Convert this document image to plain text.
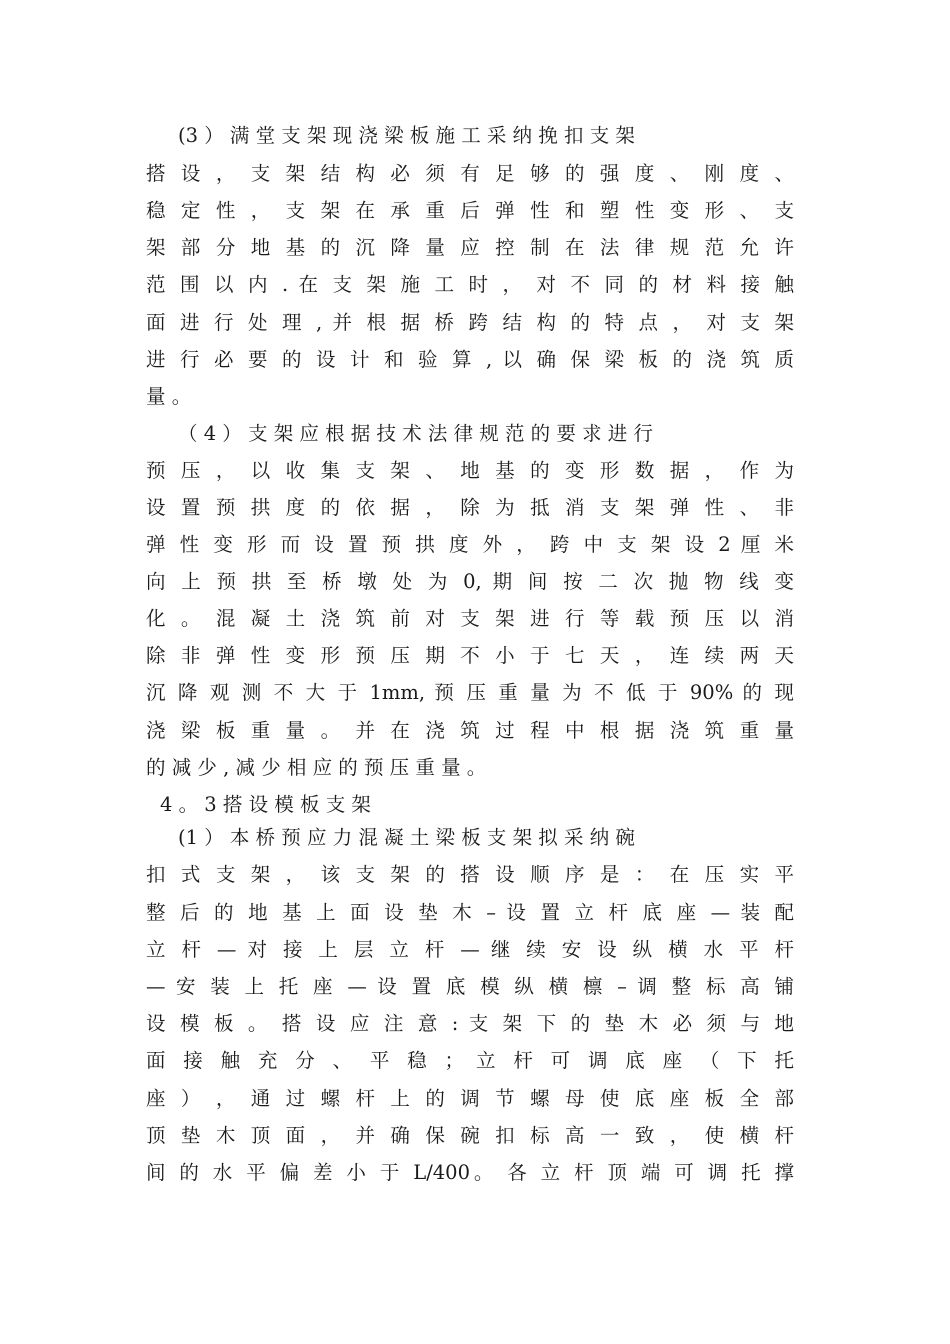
(3 ） 满 堂 支 架 现 浇 梁 板 施 工 采 纳 挽 扣 支 架
搭 设 ， 支 架 结 构 必 须 有 足 够 的 强 度 、 刚 度 、
稳 定 性 ， 支 架 在 承 重 后 弹 性 和 塑 性 变 形 、 支
架 部 分 地 基 的 沉 降 量 应 控 制 在 法 律 规 范 允 许
范 围 以 内 . 在 支 架 施 工 时 ， 对 不 同 的 材 料 接 触
面 进 行 处 理 , 并 根 据 桥 跨 结 构 的 特 点 ， 对 支 架
进 行 必 要 的 设 计 和 验 算 , 以 确 保 梁 板 的 浇 筑 质
量 。
（ 4 ） 支 架 应 根 据 技 术 法 律 规 范 的 要 求 进 行
预 压 ， 以 收 集 支 架 、 地 基 的 变 形 数 据 ， 作 为
设 置 预 拱 度 的 依 据 ， 除 为 抵 消 支 架 弹 性 、 非
弹 性 变 形 而 设 置 预 拱 度 外 ， 跨 中 支 架 设 2 厘 米
向 上 预 拱 至 桥 墩 处 为 0, 期 间 按 二 次 抛 物 线 变
化 。 混 凝 土 浇 筑 前 对 支 架 进 行 等 载 预 压 以 消
除 非 弹 性 变 形 预 压 期 不 小 于 七 天 ， 连 续 两 天
沉 降 观 测 不 大 于 1mm, 预 压 重 量 为 不 低 于 90% 的 现
浇 梁 板 重 量 。 并 在 浇 筑 过 程 中 根 据 浇 筑 重 量
的 减 少 , 减 少 相 应 的 预 压 重 量 。
4 。 3 搭 设 模 板 支 架
(1 ） 本 桥 预 应 力 混 凝 土 梁 板 支 架 拟 采 纳 碗
扣 式 支 架 ， 该 支 架 的 搭 设 顺 序 是 ： 在 压 实 平
整 后 的 地 基 上 面 设 垫 木 – 设 置 立 杆 底 座 — 装 配
立 杆 — 对 接 上 层 立 杆 — 继 续 安 设 纵 横 水 平 杆
— 安 装 上 托 座 — 设 置 底 模 纵 横 檩 – 调 整 标 高 铺
设 模 板 。 搭 设 应 注 意 : 支 架 下 的 垫 木 必 须 与 地
面 接 触 充 分 、 平 稳 ； 立 杆 可 调 底 座 （ 下 托
座 ） ， 通 过 螺 杆 上 的 调 节 螺 母 使 底 座 板 全 部
顶 垫 木 顶 面 ， 并 确 保 碗 扣 标 高 一 致 ， 使 横 杆
间 的 水 平 偏 差 小 于 L/400。 各 立 杆 顶 端 可 调 托 撑
